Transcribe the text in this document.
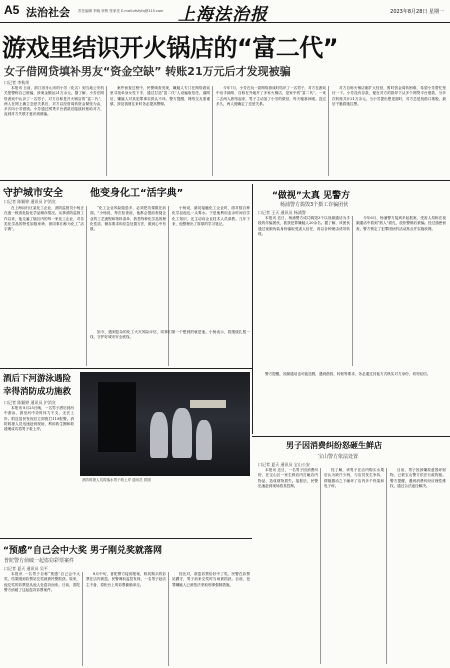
A5 法治社会 责任编辑 李晓 审核 张家亮 E-mail:zfsfyfq@215.com 上海法治报	2023年8月28日 星期一
游戏里结识开火锅店的“富二代”
女子借网贷填补男友“资金空缺” 转账21万元后才发现被骗
口记者 李秋荣
本报讯 日前，浙江省舟山市的小芳（化名）到当地公安机关报警称自己被骗，涉案金额达21万余元。据了解，小芳在网络游戏中认识了一名男子，对方自称是开火锅店的“富二代”，两人在网上确立恋爱关系后，对方以经营周转资金紧张为由，多次向小芳借钱。小芳通过网贷平台借款后陆续转账给对方，直到对方失联才意识到被骗。
案件侦查过程中，民警调查发现，嫌疑人专门在网络游戏里寻找单身女性下手，通过打造“富二代”人设骗取信任。落网后，嫌疑人对其犯罪事实供认不讳。警方提醒，网络交友需谨慎，涉及钱财往来时务必提高警惕。
今年7月，小芳在玩一款网络游戏时结识了一名男子，对方在游戏中出手阔绰，自称在外地开了多家火锅店，是家中的“富二代”。一来二去两人熟络起来，男子主动加了小芳的微信，每天嘘寒问暖。没过多久，两人便确定了恋爱关系。
对方自称火锅店刚扩大经营，暂时资金周转困难，希望小芳帮忙垫付一下。小芳没有存款，便在对方的指导下从多个网贷平台借款，分多次转账共计21万余元。当小芳提出想见面时，对方总是找借口推脱，最后干脆将她拉黑。
守护城市安全	他变身化工“活字典”
口记者 陈颖婷 通讯员 沪消宣
在上海闵行区某化工企业，消防监督员小杨正在逐一核查危险化学品储存情况。从事消防监督工作以来，他走遍了辖区内的每一家化工企业，对各类化学品的特性如数家珍，被同事们称为化工“活字典”。
“化工企业风险隐患多，必须把功课做在前面。”小杨说，每次检查前，他都会提前查阅企业的工艺流程和物料清单，熟悉每种化学品的理化性质、储存要求和应急处置方法，做到心中有数。
小杨说，最初接触化工企业时，面对数百种化学品他也一头雾水。于是他利用业余时间自学化工知识，还主动向企业技术人员请教。几年下来，他整理出了厚厚的学习笔记。
如今，遇到复杂的化工火灾风险评估，同事们第一个想到的就是他。小杨表示，将继续扎根一线，守护好城市安全底线。
“做视”太真 见警方
杨浦警方捣毁3个摄工诈骗团伙
口记者 王天 通讯员 杨浦警
本报讯 近日，杨浦警方成功捣毁3个以视频通话为手段的诈骗团伙，抓获犯罪嫌疑人20余名。据了解，该团伙通过视频伪装身份骗取受害人信任，再以各种理由诱导转账。
今年6月，杨浦警方接到多起报案，受害人均称在视频通话中看到“熟人”面孔，放松警惕后被骗。经过缜密侦查，警方锁定了犯罪团伙的活动窝点并实施收网。
警方提醒，视频通话也可能造假，遇到借钱、转账等要求，务必通过其他方式核实对方身份，切勿轻信。
酒后下河游泳遇险
幸得消防成功施救
口记者 陈颖婷 通讯员 沪消宣
本报讯 8月25日晚，一名男子酒后到河中游泳，游至河中央时体力不支，无法上岸。附近居民发现后立即拨打119报警。消防救援人员迅速赶到现场，利用救生圈和救援绳成功将男子救上岸。
消防救援人员将落水男子救上岸 通讯员 供图
男子因消费纠纷怒砸生鲜店
宝山警方依法处置
口记者 夏天 通讯员 宝山公安
本报讯 近日，一名男子因消费纠纷，在宝山区一家生鲜店内打砸店内物品，造成财物损失。接报后，民警迅速赶到现场将其控制。
经了解，该男子在店内购买水果后认为缺斤少两，与店员发生争执，情绪激动之下砸坏了店内多个货架和电子秤。
目前，男子因涉嫌故意毁坏财物，已被宝山警方依法行政拘留。警方提醒，遇到消费纠纷应理性维权，通过合法途径解决。
“预感”自己会中大奖 男子刚兑奖就落网
普陀警方侦破一起盗窃彩票案件
口记者 夏天 通讯员 吴平
本报讯 一名男子自称“预感”自己会中大奖，结果刚到彩票站兑奖就被民警抓获。原来，他兑奖的彩票是从他人处盗窃而来。日前，普陀警方侦破了这起盗窃彩票案件。
8月中旬，普陀警方接到报案，称其购买的彩票在店内被盗。民警调取监控发现，一名男子趁店主不备，将柜台上的彩票偷偷拿走。
经比对，被盗彩票恰好中了奖。民警在彩票站蹲守，男子前来兑奖时当场被抓获。目前，犯罪嫌疑人已被依法采取刑事强制措施。
